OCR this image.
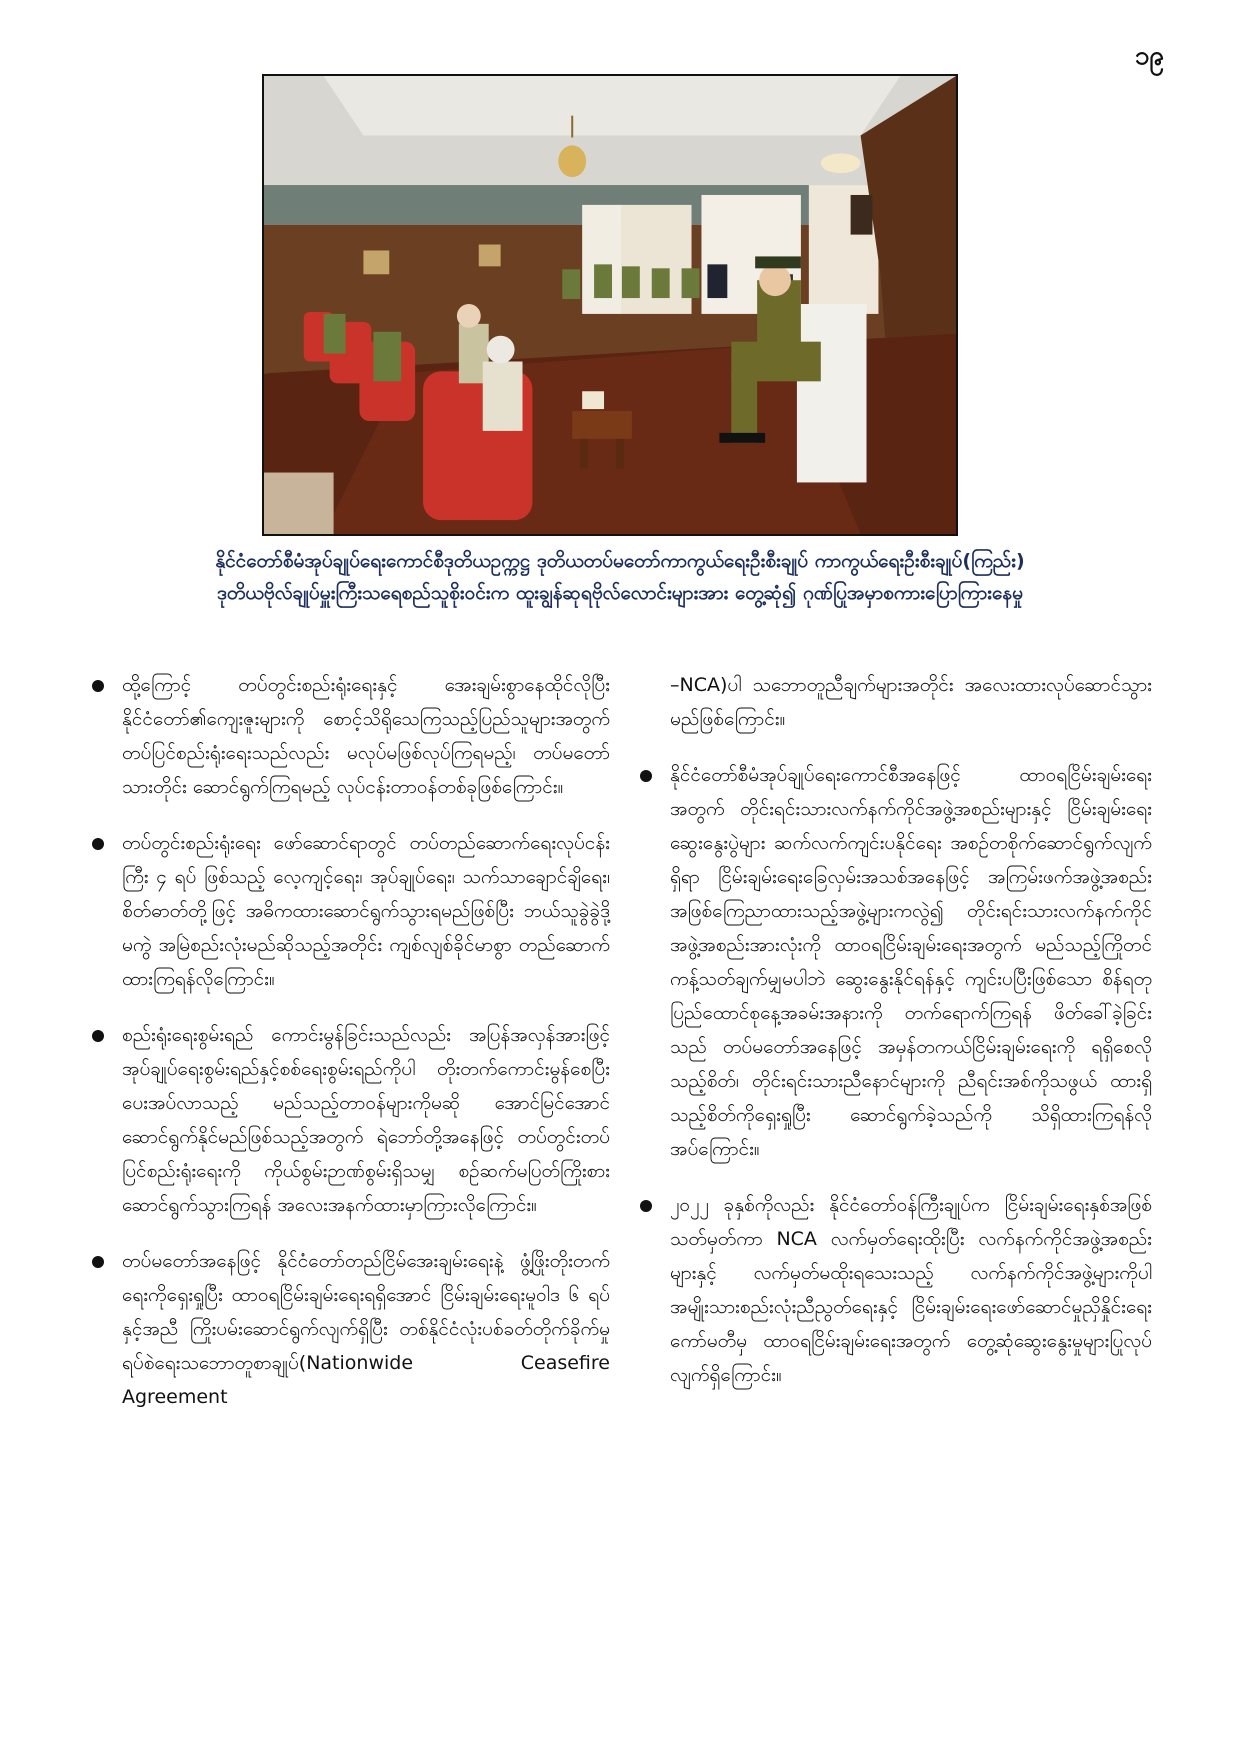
၁၉
နိုင်ငံတော်စီမံအုပ်ချုပ်ရေးကောင်စီဒုတိယဥက္ကဋ္ဌ ဒုတိယတပ်မတော်ကာကွယ်ရေးဦးစီးချုပ် ကာကွယ်ရေးဦးစီးချုပ်(ကြည်း)
ဒုတိယဗိုလ်ချုပ်မှူးကြီးသရေစည်သူစိုးဝင်းက ထူးချွန်ဆုရဗိုလ်လောင်းများအား တွေ့ဆုံ၍ ဂုဏ်ပြုအမှာစကားပြောကြားနေမှု
ထို့ကြောင့် တပ်တွင်းစည်းရုံးရေးနှင့် အေးချမ်းစွာနေထိုင်လိုပြီး နိုင်ငံတော်၏ကျေးဇူးများကို စောင့်သိရိုသေကြသည့်ပြည်သူများအတွက် တပ်ပြင်စည်းရုံးရေးသည်လည်း မလုပ်မဖြစ်လုပ်ကြရမည့်၊ တပ်မတော်သားတိုင်း ဆောင်ရွက်ကြရမည့် လုပ်ငန်းတာဝန်တစ်ခုဖြစ်ကြောင်း။
တပ်တွင်းစည်းရုံးရေး ဖော်ဆောင်ရာတွင် တပ်တည်ဆောက်ရေးလုပ်ငန်းကြီး ၄ ရပ် ဖြစ်သည့် လေ့ကျင့်ရေး၊ အုပ်ချုပ်ရေး၊ သက်သာချောင်ချိရေး၊ စိတ်ဓာတ်တို့ဖြင့် အဓိကထားဆောင်ရွက်သွားရမည်ဖြစ်ပြီး ဘယ်သူခွဲခွဲဒို့မကွဲ အမြဲစည်းလုံးမည်ဆိုသည့်အတိုင်း ကျစ်လျစ်ခိုင်မာစွာ တည်ဆောက်ထားကြရန်လိုကြောင်း။
စည်းရုံးရေးစွမ်းရည် ကောင်းမွန်ခြင်းသည်လည်း အပြန်အလှန်အားဖြင့် အုပ်ချုပ်ရေးစွမ်းရည်နှင့်စစ်ရေးစွမ်းရည်ကိုပါ တိုးတက်ကောင်းမွန်စေပြီး ပေးအပ်လာသည့် မည်သည့်တာဝန်များကိုမဆို အောင်မြင်အောင် ဆောင်ရွက်နိုင်မည်ဖြစ်သည့်အတွက် ရဲဘော်တို့အနေဖြင့် တပ်တွင်းတပ်ပြင်စည်းရုံးရေးကို ကိုယ်စွမ်းဉာဏ်စွမ်းရှိသမျှ စဉ်ဆက်မပြတ်ကြိုးစားဆောင်ရွက်သွားကြရန် အလေးအနက်ထားမှာကြားလိုကြောင်း။
တပ်မတော်အနေဖြင့် နိုင်ငံတော်တည်ငြိမ်အေးချမ်းရေးနဲ့ ဖွံ့ဖြိုးတိုးတက်ရေးကိုရှေးရှုပြီး ထာဝရငြိမ်းချမ်းရေးရရှိအောင် ငြိမ်းချမ်းရေးမူဝါဒ ၆ ရပ်နှင့်အညီ ကြိုးပမ်းဆောင်ရွက်လျက်ရှိပြီး တစ်နိုင်ငံလုံးပစ်ခတ်တိုက်ခိုက်မှုရပ်စဲရေးသဘောတူစာချုပ်(Nationwide Ceasefire Agreement

–NCA)ပါ သဘောတူညီချက်များအတိုင်း အလေးထားလုပ်ဆောင်သွားမည်ဖြစ်ကြောင်း။

နိုင်ငံတော်စီမံအုပ်ချုပ်ရေးကောင်စီအနေဖြင့် ထာဝရငြိမ်းချမ်းရေးအတွက် တိုင်းရင်းသားလက်နက်ကိုင်အဖွဲ့အစည်းများနှင့် ငြိမ်းချမ်းရေးဆွေးနွေးပွဲများ ဆက်လက်ကျင်းပနိုင်ရေး အစဉ်တစိုက်ဆောင်ရွက်လျက်ရှိရာ ငြိမ်းချမ်းရေးခြေလှမ်းအသစ်အနေဖြင့် အကြမ်းဖက်အဖွဲ့အစည်းအဖြစ်ကြေညာထားသည့်အဖွဲ့များကလွဲ၍ တိုင်းရင်းသားလက်နက်ကိုင်အဖွဲ့အစည်းအားလုံးကို ထာဝရငြိမ်းချမ်းရေးအတွက် မည်သည့်ကြိုတင်ကန့်သတ်ချက်မျှမပါဘဲ ဆွေးနွေးနိုင်ရန်နှင့် ကျင်းပပြီးဖြစ်သော စိန်ရတုပြည်ထောင်စုနေ့အခမ်းအနားကို တက်ရောက်ကြရန် ဖိတ်ခေါ်ခဲ့ခြင်းသည် တပ်မတော်အနေဖြင့် အမှန်တကယ်ငြိမ်းချမ်းရေးကို ရရှိစေလိုသည့်စိတ်၊ တိုင်းရင်းသားညီနောင်များကို ညီရင်းအစ်ကိုသဖွယ် ထားရှိသည့်စိတ်ကိုရှေးရှုပြီး ဆောင်ရွက်ခဲ့သည်ကို သိရှိထားကြရန်လိုအပ်ကြောင်း။
၂၀၂၂ ခုနှစ်ကိုလည်း နိုင်ငံတော်ဝန်ကြီးချုပ်က ငြိမ်းချမ်းရေးနှစ်အဖြစ် သတ်မှတ်ကာ NCA လက်မှတ်ရေးထိုးပြီး လက်နက်ကိုင်အဖွဲ့အစည်းများနှင့် လက်မှတ်မထိုးရသေးသည့် လက်နက်ကိုင်အဖွဲ့များကိုပါ အမျိုးသားစည်းလုံးညီညွတ်ရေးနှင့် ငြိမ်းချမ်းရေးဖော်ဆောင်မှုညှိနှိုင်းရေးကော်မတီမှ ထာဝရငြိမ်းချမ်းရေးအတွက် တွေ့ဆုံဆွေးနွေးမှုများပြုလုပ်လျက်ရှိကြောင်း။
